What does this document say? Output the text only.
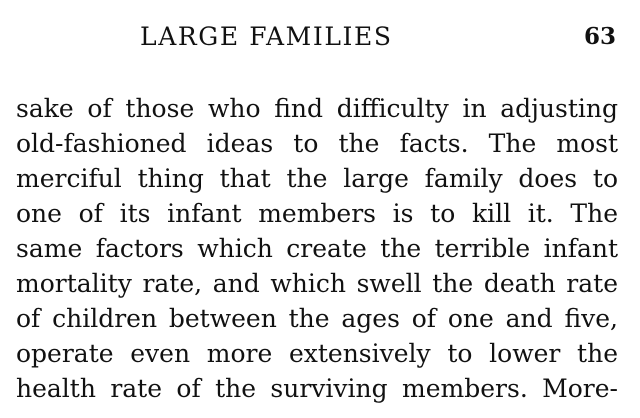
LARGE FAMILIES	63
sake of those who find difficulty in adjusting
old-fashioned ideas to the facts. The most
merciful thing that the large family does to
one of its infant members is to kill it. The
same factors which create the terrible infant
mortality rate, and which swell the death rate
of children between the ages of one and five,
operate even more extensively to lower the
health rate of the surviving members. More-
